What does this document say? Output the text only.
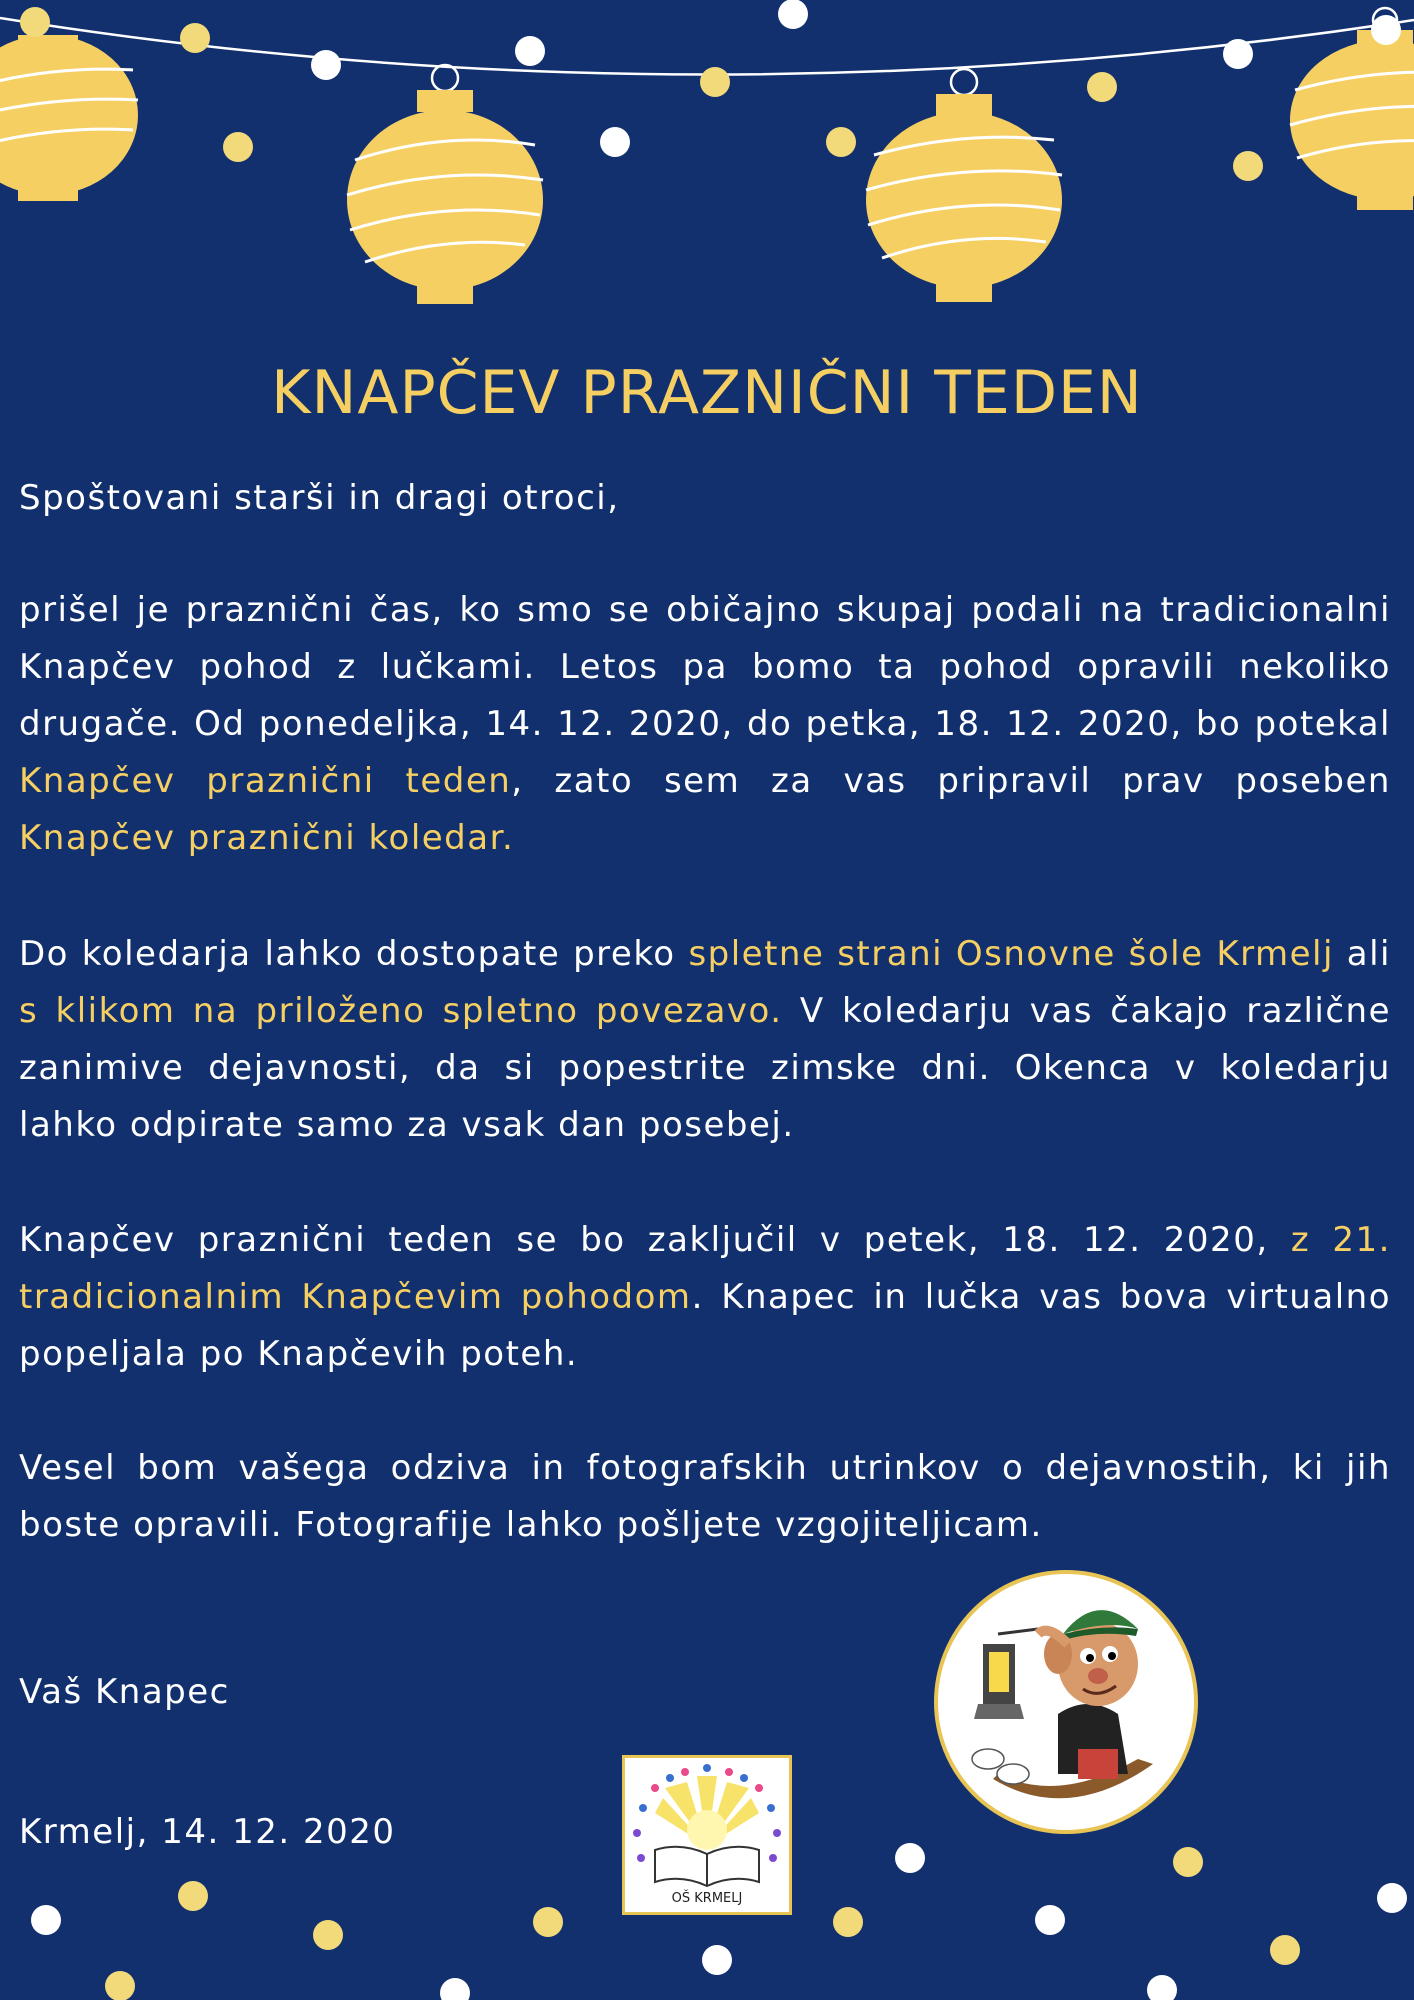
KNAPČEV PRAZNIČNI TEDEN

Spoštovani starši in dragi otroci,

prišel je praznični čas, ko smo se običajno skupaj podali na tradicionalni Knapčev pohod z lučkami. Letos pa bomo ta pohod opravili nekoliko drugače. Od ponedeljka, 14. 12. 2020, do petka, 18. 12. 2020, bo potekal Knapčev praznični teden, zato sem za vas pripravil prav poseben Knapčev praznični koledar.

Do koledarja lahko dostopate preko spletne strani Osnovne šole Krmelj ali s klikom na priloženo spletno povezavo. V koledarju vas čakajo različne zanimive dejavnosti, da si popestrite zimske dni. Okenca v koledarju lahko odpirate samo za vsak dan posebej.

Knapčev praznični teden se bo zaključil v petek, 18. 12. 2020, z 21. tradicionalnim Knapčevim pohodom. Knapec in lučka vas bova virtualno popeljala po Knapčevih poteh.

Vesel bom vašega odziva in fotografskih utrinkov o dejavnostih, ki jih boste opravili. Fotografije lahko pošljete vzgojiteljicam.

Vaš Knapec

Krmelj, 14. 12. 2020

OŠ KRMELJ
